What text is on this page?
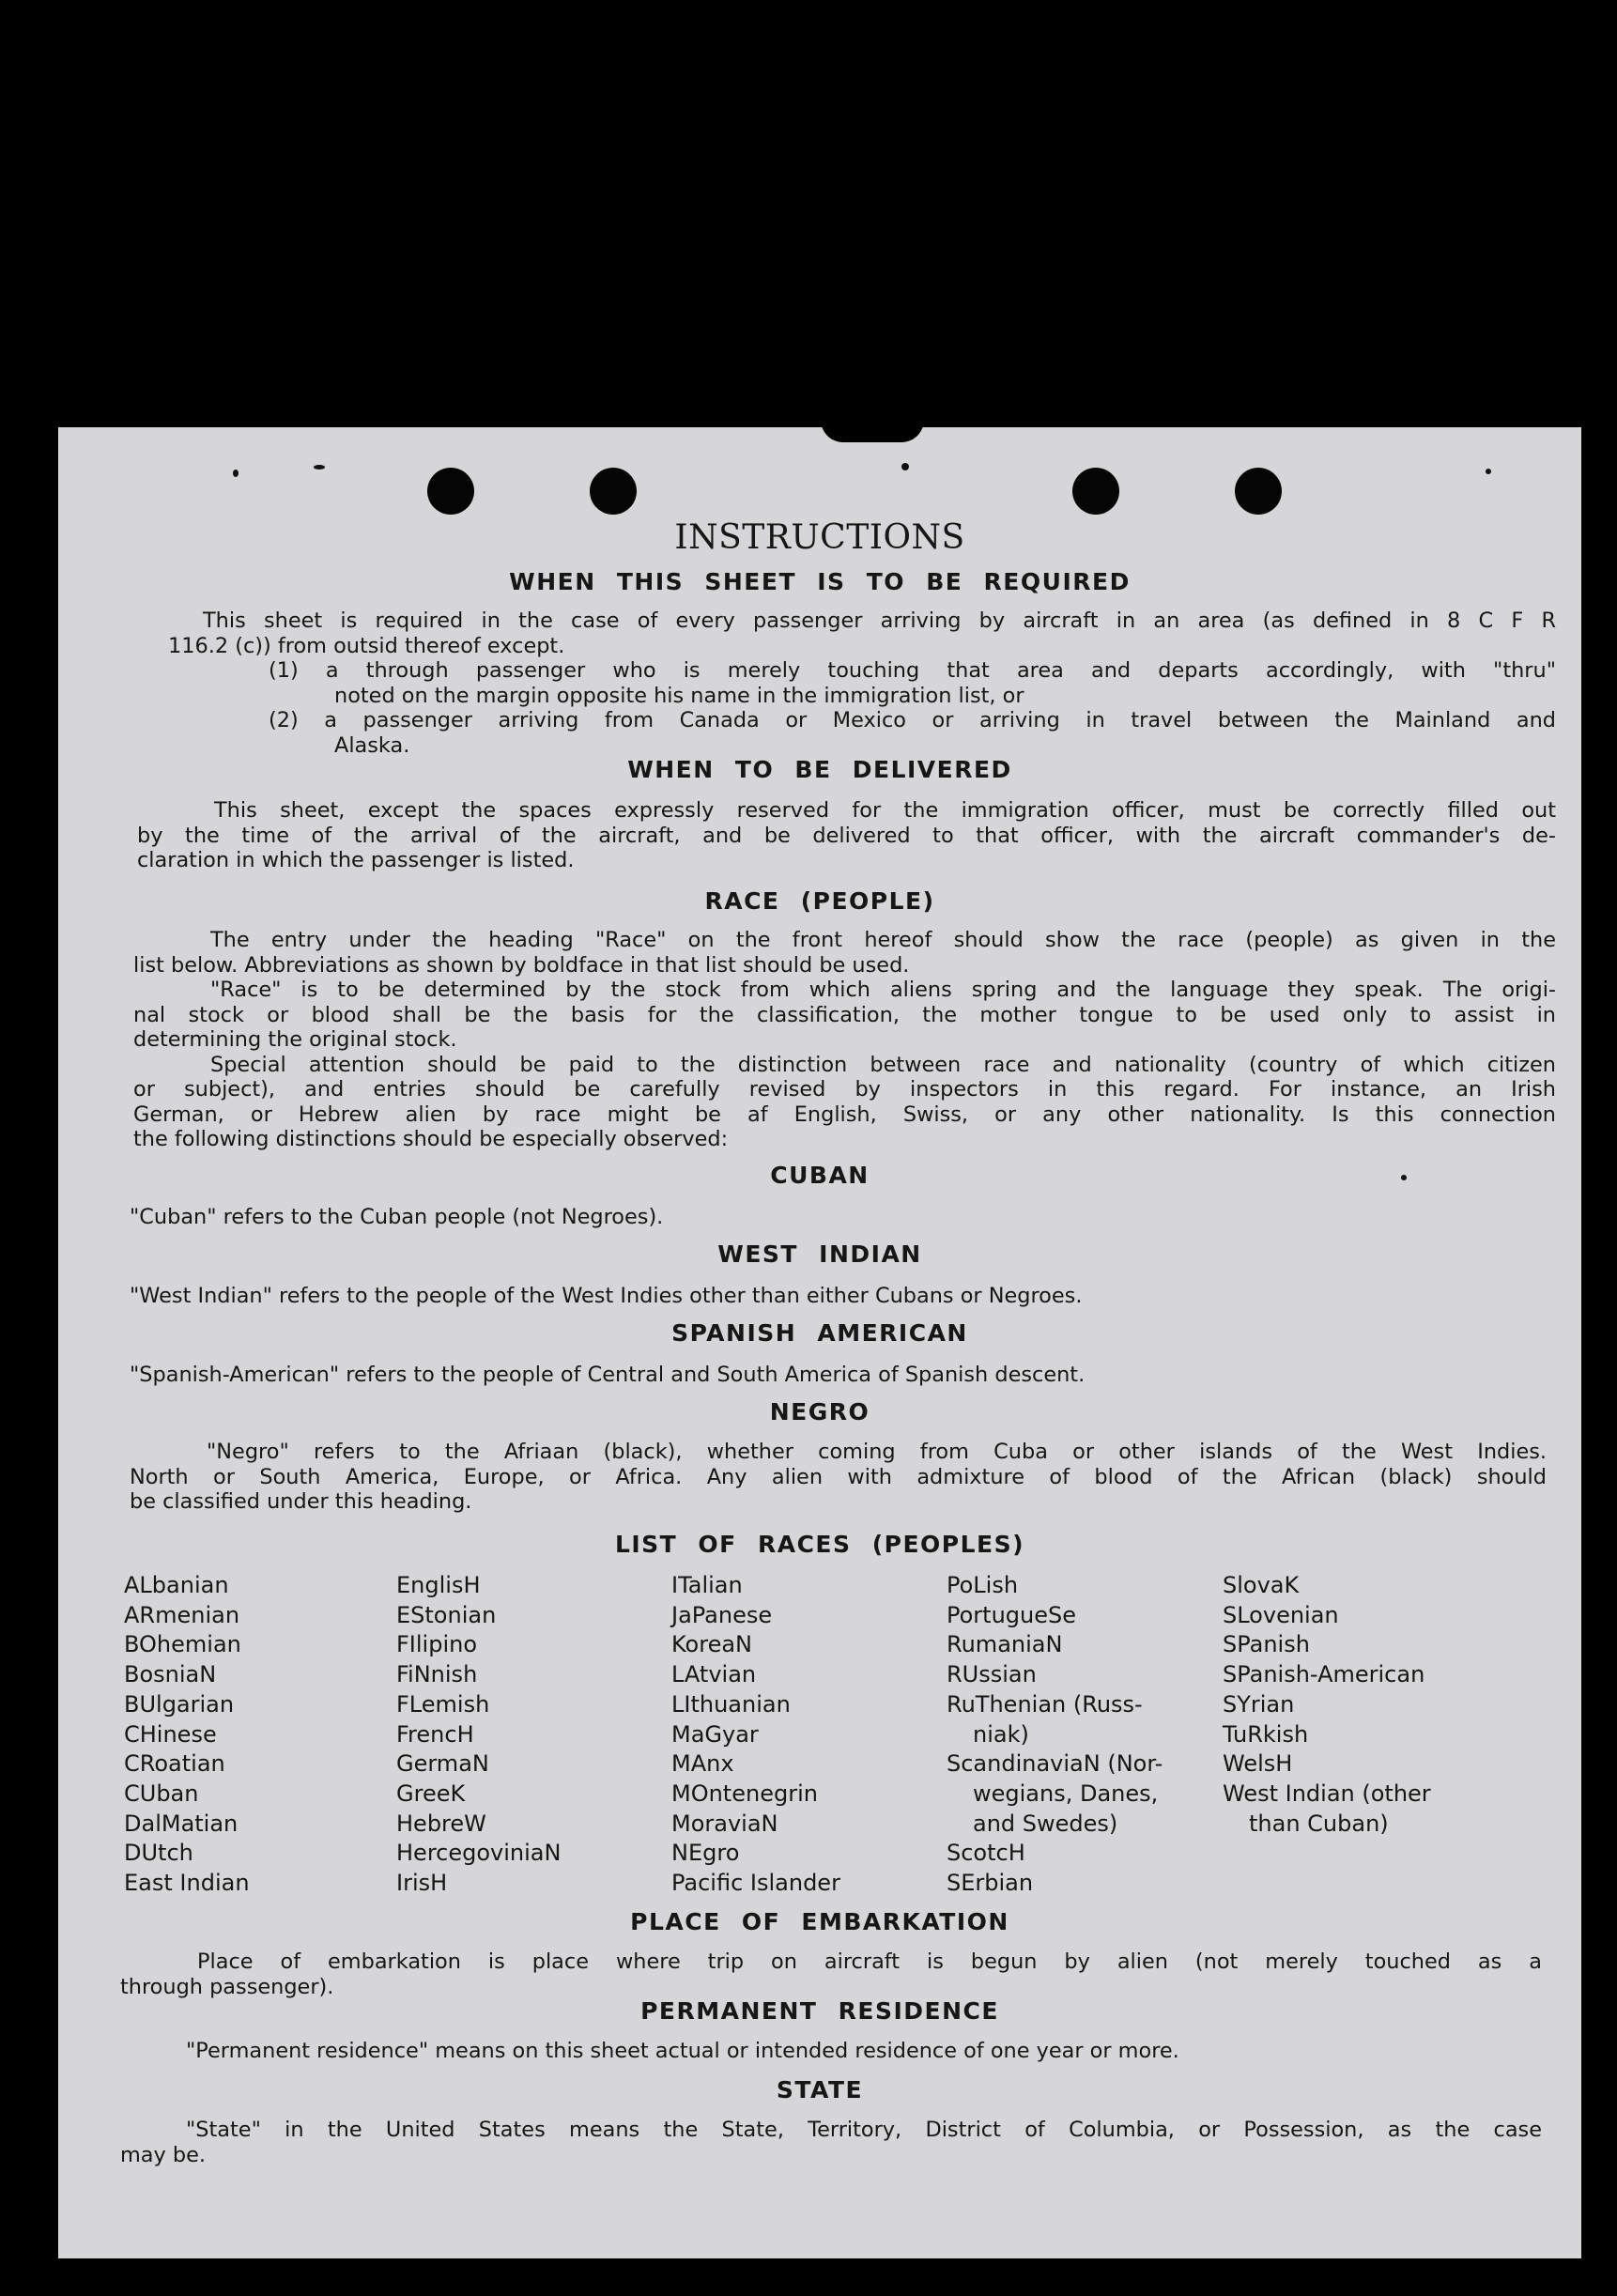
INSTRUCTIONS
WHEN THIS SHEET IS TO BE REQUIRED
This sheet is required in the case of every passenger arriving by aircraft in an area (as defined in 8 C F R
116.2 (c)) from outsid thereof except.
(1) a through passenger who is merely touching that area and departs accordingly, with "thru"
noted on the margin opposite his name in the immigration list, or
(2) a passenger arriving from Canada or Mexico or arriving in travel between the Mainland and
Alaska.
WHEN TO BE DELIVERED
This sheet, except the spaces expressly reserved for the immigration officer, must be correctly filled out
by the time of the arrival of the aircraft, and be delivered to that officer, with the aircraft commander's de-
claration in which the passenger is listed.
RACE (PEOPLE)
The entry under the heading "Race" on the front hereof should show the race (people) as given in the
list below. Abbreviations as shown by boldface in that list should be used.
"Race" is to be determined by the stock from which aliens spring and the language they speak. The origi-
nal stock or blood shall be the basis for the classification, the mother tongue to be used only to assist in
determining the original stock.
Special attention should be paid to the distinction between race and nationality (country of which citizen
or subject), and entries should be carefully revised by inspectors in this regard. For instance, an Irish
German, or Hebrew alien by race might be af English, Swiss, or any other nationality. Is this connection
the following distinctions should be especially observed:
CUBAN
"Cuban" refers to the Cuban people (not Negroes).
WEST INDIAN
"West Indian" refers to the people of the West Indies other than either Cubans or Negroes.
SPANISH AMERICAN
"Spanish-American" refers to the people of Central and South America of Spanish descent.
NEGRO
"Negro" refers to the Afriaan (black), whether coming from Cuba or other islands of the West Indies.
North or South America, Europe, or Africa. Any alien with admixture of blood of the African (black) should
be classified under this heading.
LIST OF RACES (PEOPLES)
ALbanian
ARmenian
BOhemian
BosniaN
BUlgarian
CHinese
CRoatian
CUban
DalMatian
DUtch
East Indian
EnglisH
EStonian
FIlipino
FiNnish
FLemish
FrencH
GermaN
GreeK
HebreW
HercegoviniaN
IrisH
ITalian
JaPanese
KoreaN
LAtvian
LIthuanian
MaGyar
MAnx
MOntenegrin
MoraviaN
NEgro
Pacific Islander
PoLish
PortugueSe
RumaniaN
RUssian
RuThenian (Russ-
niak)
ScandinaviaN (Nor-
wegians, Danes,
and Swedes)
ScotcH
SErbian
SlovaK
SLovenian
SPanish
SPanish-American
SYrian
TuRkish
WelsH
West Indian (other
than Cuban)
PLACE OF EMBARKATION
Place of embarkation is place where trip on aircraft is begun by alien (not merely touched as a
through passenger).
PERMANENT RESIDENCE
"Permanent residence" means on this sheet actual or intended residence of one year or more.
STATE
"State" in the United States means the State, Territory, District of Columbia, or Possession, as the case
may be.
